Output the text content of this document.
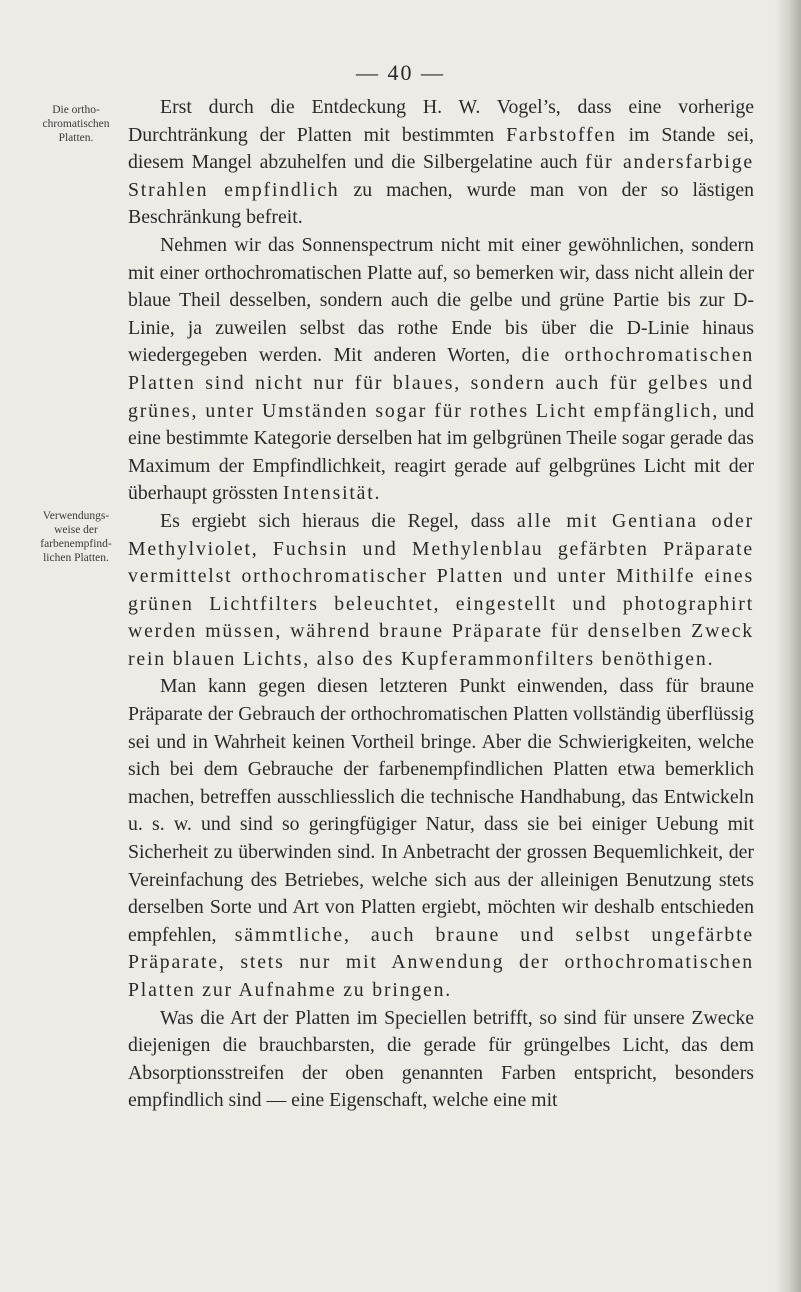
— 40 —
Die ortho-chromatischen Platten.
Verwendungs-weise der farbenempfind-lichen Platten.

Erst durch die Entdeckung H. W. Vogel’s, dass eine vorherige Durchtränkung der Platten mit bestimmten Farbstoffen im Stande sei, diesem Mangel abzuhelfen und die Silbergelatine auch für andersfarbige Strahlen empfindlich zu machen, wurde man von der so lästigen Beschränkung befreit.

Nehmen wir das Sonnenspectrum nicht mit einer gewöhnlichen, sondern mit einer orthochromatischen Platte auf, so bemerken wir, dass nicht allein der blaue Theil desselben, sondern auch die gelbe und grüne Partie bis zur D-Linie, ja zuweilen selbst das rothe Ende bis über die D-Linie hinaus wiedergegeben werden. Mit anderen Worten, die orthochromatischen Platten sind nicht nur für blaues, sondern auch für gelbes und grünes, unter Umständen sogar für rothes Licht empfänglich, und eine bestimmte Kategorie derselben hat im gelbgrünen Theile sogar gerade das Maximum der Empfindlichkeit, reagirt gerade auf gelbgrünes Licht mit der überhaupt grössten Intensität.

Es ergiebt sich hieraus die Regel, dass alle mit Gentiana oder Methylviolet, Fuchsin und Methylenblau gefärbten Präparate vermittelst orthochromatischer Platten und unter Mithilfe eines grünen Lichtfilters beleuchtet, eingestellt und photographirt werden müssen, während braune Präparate für denselben Zweck rein blauen Lichts, also des Kupferammonfilters benöthigen.

Man kann gegen diesen letzteren Punkt einwenden, dass für braune Präparate der Gebrauch der orthochromatischen Platten vollständig überflüssig sei und in Wahrheit keinen Vortheil bringe. Aber die Schwierigkeiten, welche sich bei dem Gebrauche der farbenempfindlichen Platten etwa bemerklich machen, betreffen ausschliesslich die technische Handhabung, das Entwickeln u. s. w. und sind so geringfügiger Natur, dass sie bei einiger Uebung mit Sicherheit zu überwinden sind. In Anbetracht der grossen Bequemlichkeit, der Vereinfachung des Betriebes, welche sich aus der alleinigen Benutzung stets derselben Sorte und Art von Platten ergiebt, möchten wir deshalb entschieden empfehlen, sämmtliche, auch braune und selbst ungefärbte Präparate, stets nur mit Anwendung der orthochromatischen Platten zur Aufnahme zu bringen.

Was die Art der Platten im Speciellen betrifft, so sind für unsere Zwecke diejenigen die brauchbarsten, die gerade für grüngelbes Licht, das dem Absorptionsstreifen der oben genannten Farben entspricht, besonders empfindlich sind — eine Eigenschaft, welche eine mit
